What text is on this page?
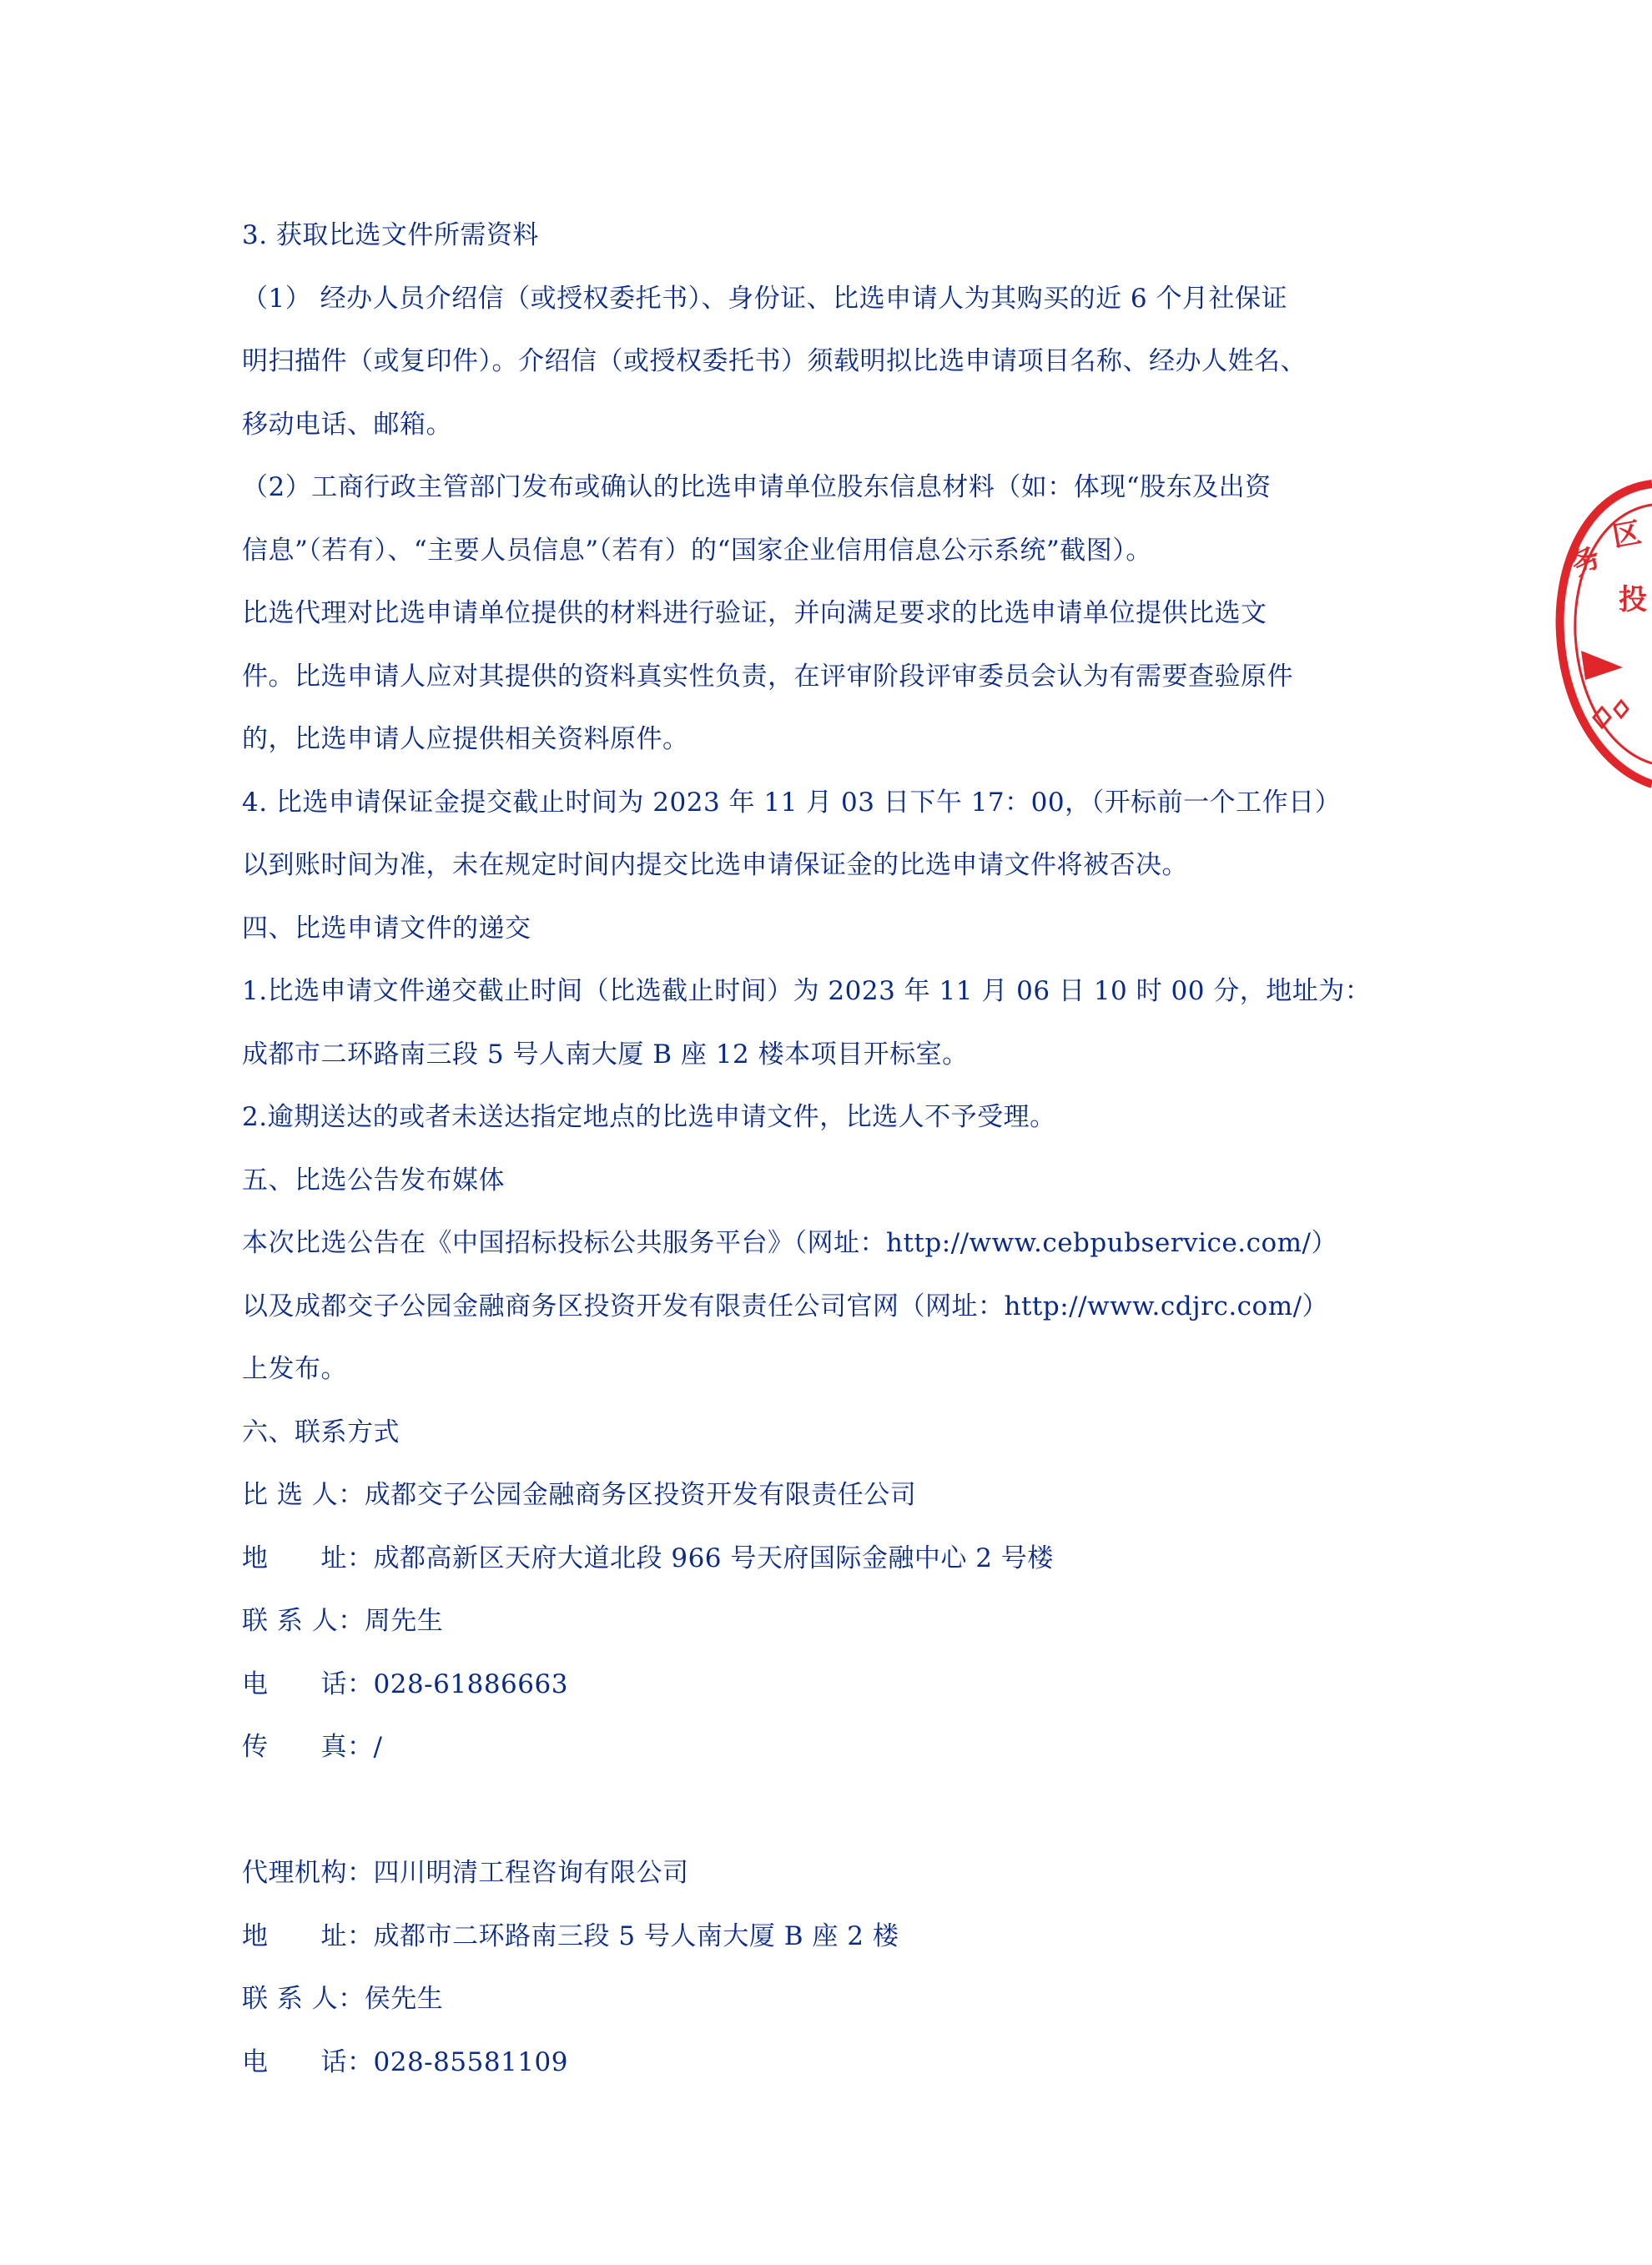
3. 获取比选文件所需资料
（1） 经办人员介绍信（或授权委托书）、身份证、比选申请人为其购买的近 6 个月社保证
明扫描件（或复印件）。介绍信（或授权委托书）须载明拟比选申请项目名称、经办人姓名、
移动电话、邮箱。
（2）工商行政主管部门发布或确认的比选申请单位股东信息材料（如：体现“股东及出资
信息”（若有）、“主要人员信息”（若有）的“国家企业信用信息公示系统”截图）。
比选代理对比选申请单位提供的材料进行验证，并向满足要求的比选申请单位提供比选文
件。比选申请人应对其提供的资料真实性负责，在评审阶段评审委员会认为有需要查验原件
的，比选申请人应提供相关资料原件。
4. 比选申请保证金提交截止时间为 2023 年 11 月 03 日下午 17：00，（开标前一个工作日）
以到账时间为准，未在规定时间内提交比选申请保证金的比选申请文件将被否决。
四、比选申请文件的递交
1.比选申请文件递交截止时间（比选截止时间）为 2023 年 11 月 06 日 10 时 00 分，地址为：
成都市二环路南三段 5 号人南大厦 B 座 12 楼本项目开标室。
2.逾期送达的或者未送达指定地点的比选申请文件，比选人不予受理。
五、比选公告发布媒体
本次比选公告在《中国招标投标公共服务平台》（网址：http://www.cebpubservice.com/）
以及成都交子公园金融商务区投资开发有限责任公司官网（网址：http://www.cdjrc.com/）
上发布。
六、联系方式
比 选 人：成都交子公园金融商务区投资开发有限责任公司
地　　址：成都高新区天府大道北段 966 号天府国际金融中心 2 号楼
联 系 人：周先生
电　　话：028-61886663
传　　真：/
代理机构：四川明清工程咨询有限公司
地　　址：成都市二环路南三段 5 号人南大厦 B 座 2 楼
联 系 人：侯先生
电　　话：028-85581109
务
区
投
